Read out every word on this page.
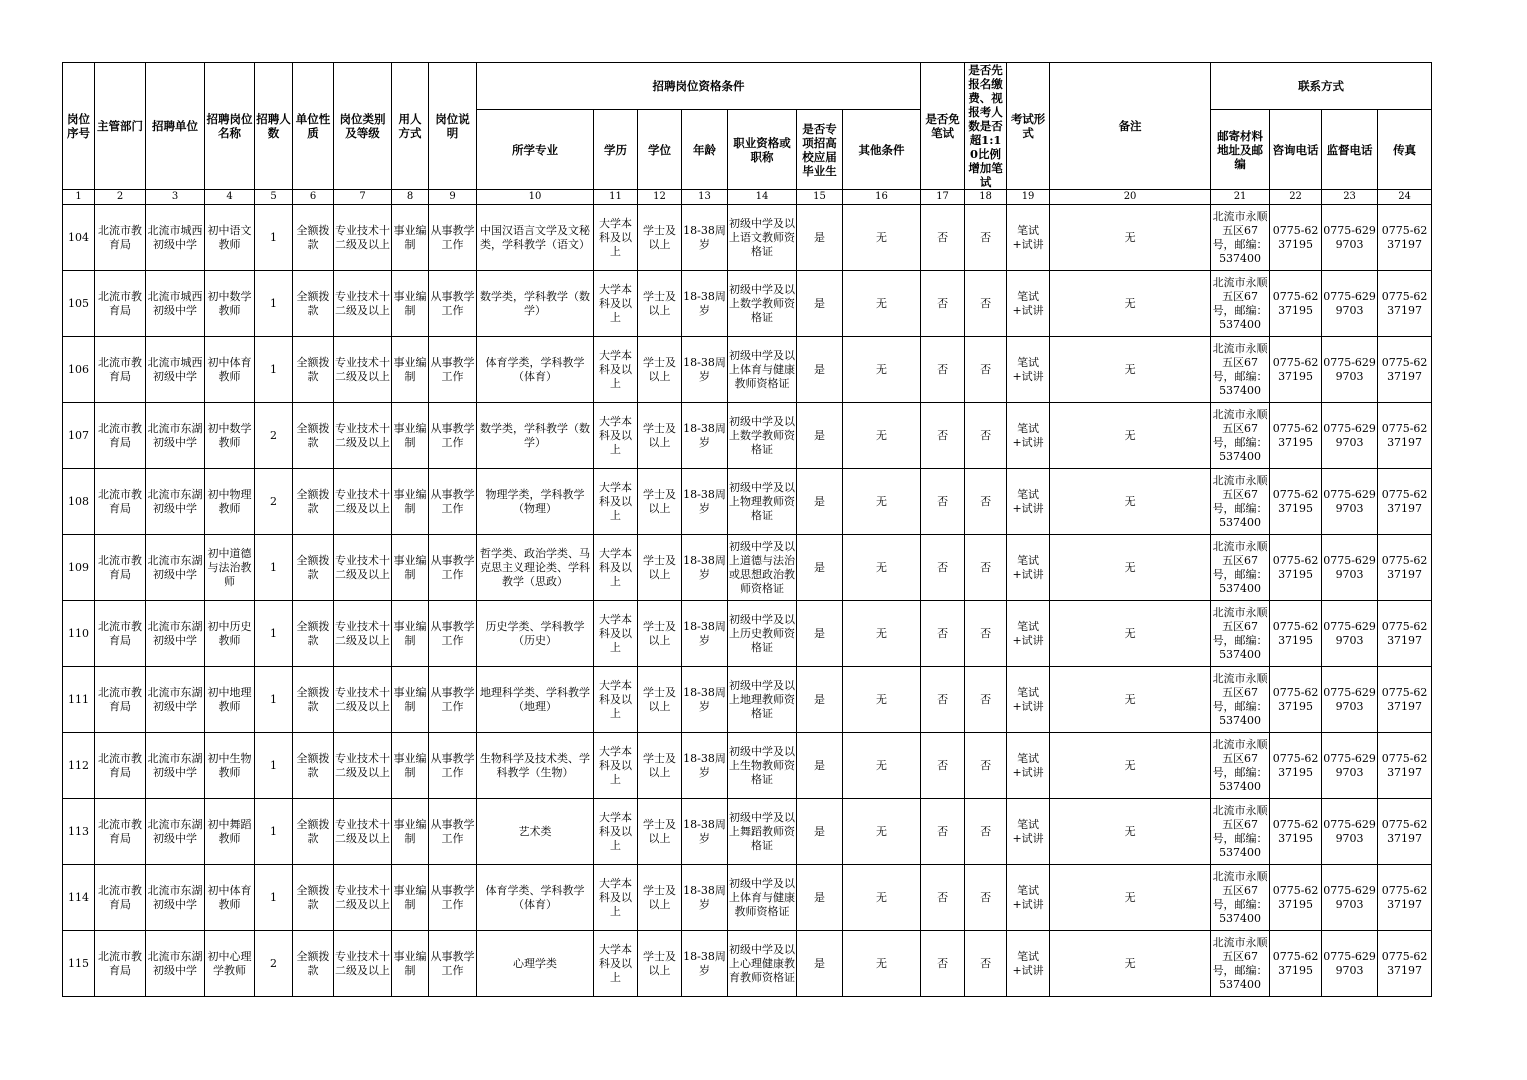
岗位序号	主管部门	招聘单位	招聘岗位名称	招聘人数	单位性质	岗位类别及等级	用人方式	岗位说明	招聘岗位资格条件							是否免笔试	是否先报名缴费、视报考人数是否超1:10比例增加笔试	考试形式	备注	联系方式			
									所学专业	学历	学位	年龄	职业资格或职称	是否专项招高校应届毕业生	其他条件					邮寄材料地址及邮编	咨询电话	监督电话	传真
1	2	3	4	5	6	7	8	9	10	11	12	13	14	15	16	17	18	19	20	21	22	23	24
104	北流市教育局	北流市城西初级中学	初中语文教师	1	全额拨款	专业技术十二级及以上	事业编制	从事教学工作	中国汉语言文学及文秘类，学科教学（语文）	大学本科及以上	学士及以上	18-38周岁	初级中学及以上语文教师资格证	是	无	否	否	笔试+试讲	无	北流市永顺五区67号，邮编：537400	0775-6237195	0775-6299703	0775-6237197
105	北流市教育局	北流市城西初级中学	初中数学教师	1	全额拨款	专业技术十二级及以上	事业编制	从事教学工作	数学类，学科教学（数学）	大学本科及以上	学士及以上	18-38周岁	初级中学及以上数学教师资格证	是	无	否	否	笔试+试讲	无	北流市永顺五区67号，邮编：537400	0775-6237195	0775-6299703	0775-6237197
106	北流市教育局	北流市城西初级中学	初中体育教师	1	全额拨款	专业技术十二级及以上	事业编制	从事教学工作	体育学类，学科教学（体育）	大学本科及以上	学士及以上	18-38周岁	初级中学及以上体育与健康教师资格证	是	无	否	否	笔试+试讲	无	北流市永顺五区67号，邮编：537400	0775-6237195	0775-6299703	0775-6237197
107	北流市教育局	北流市东湖初级中学	初中数学教师	2	全额拨款	专业技术十二级及以上	事业编制	从事教学工作	数学类，学科教学（数学）	大学本科及以上	学士及以上	18-38周岁	初级中学及以上数学教师资格证	是	无	否	否	笔试+试讲	无	北流市永顺五区67号，邮编：537400	0775-6237195	0775-6299703	0775-6237197
108	北流市教育局	北流市东湖初级中学	初中物理教师	2	全额拨款	专业技术十二级及以上	事业编制	从事教学工作	物理学类，学科教学（物理）	大学本科及以上	学士及以上	18-38周岁	初级中学及以上物理教师资格证	是	无	否	否	笔试+试讲	无	北流市永顺五区67号，邮编：537400	0775-6237195	0775-6299703	0775-6237197
109	北流市教育局	北流市东湖初级中学	初中道德与法治教师	1	全额拨款	专业技术十二级及以上	事业编制	从事教学工作	哲学类、政治学类、马克思主义理论类、学科教学（思政）	大学本科及以上	学士及以上	18-38周岁	初级中学及以上道德与法治或思想政治教师资格证	是	无	否	否	笔试+试讲	无	北流市永顺五区67号，邮编：537400	0775-6237195	0775-6299703	0775-6237197
110	北流市教育局	北流市东湖初级中学	初中历史教师	1	全额拨款	专业技术十二级及以上	事业编制	从事教学工作	历史学类、学科教学（历史）	大学本科及以上	学士及以上	18-38周岁	初级中学及以上历史教师资格证	是	无	否	否	笔试+试讲	无	北流市永顺五区67号，邮编：537400	0775-6237195	0775-6299703	0775-6237197
111	北流市教育局	北流市东湖初级中学	初中地理教师	1	全额拨款	专业技术十二级及以上	事业编制	从事教学工作	地理科学类、学科教学（地理）	大学本科及以上	学士及以上	18-38周岁	初级中学及以上地理教师资格证	是	无	否	否	笔试+试讲	无	北流市永顺五区67号，邮编：537400	0775-6237195	0775-6299703	0775-6237197
112	北流市教育局	北流市东湖初级中学	初中生物教师	1	全额拨款	专业技术十二级及以上	事业编制	从事教学工作	生物科学及技术类、学科教学（生物）	大学本科及以上	学士及以上	18-38周岁	初级中学及以上生物教师资格证	是	无	否	否	笔试+试讲	无	北流市永顺五区67号，邮编：537400	0775-6237195	0775-6299703	0775-6237197
113	北流市教育局	北流市东湖初级中学	初中舞蹈教师	1	全额拨款	专业技术十二级及以上	事业编制	从事教学工作	艺术类	大学本科及以上	学士及以上	18-38周岁	初级中学及以上舞蹈教师资格证	是	无	否	否	笔试+试讲	无	北流市永顺五区67号，邮编：537400	0775-6237195	0775-6299703	0775-6237197
114	北流市教育局	北流市东湖初级中学	初中体育教师	1	全额拨款	专业技术十二级及以上	事业编制	从事教学工作	体育学类、学科教学（体育）	大学本科及以上	学士及以上	18-38周岁	初级中学及以上体育与健康教师资格证	是	无	否	否	笔试+试讲	无	北流市永顺五区67号，邮编：537400	0775-6237195	0775-6299703	0775-6237197
115	北流市教育局	北流市东湖初级中学	初中心理学教师	2	全额拨款	专业技术十二级及以上	事业编制	从事教学工作	心理学类	大学本科及以上	学士及以上	18-38周岁	初级中学及以上心理健康教育教师资格证	是	无	否	否	笔试+试讲	无	北流市永顺五区67号，邮编：537400	0775-6237195	0775-6299703	0775-6237197
